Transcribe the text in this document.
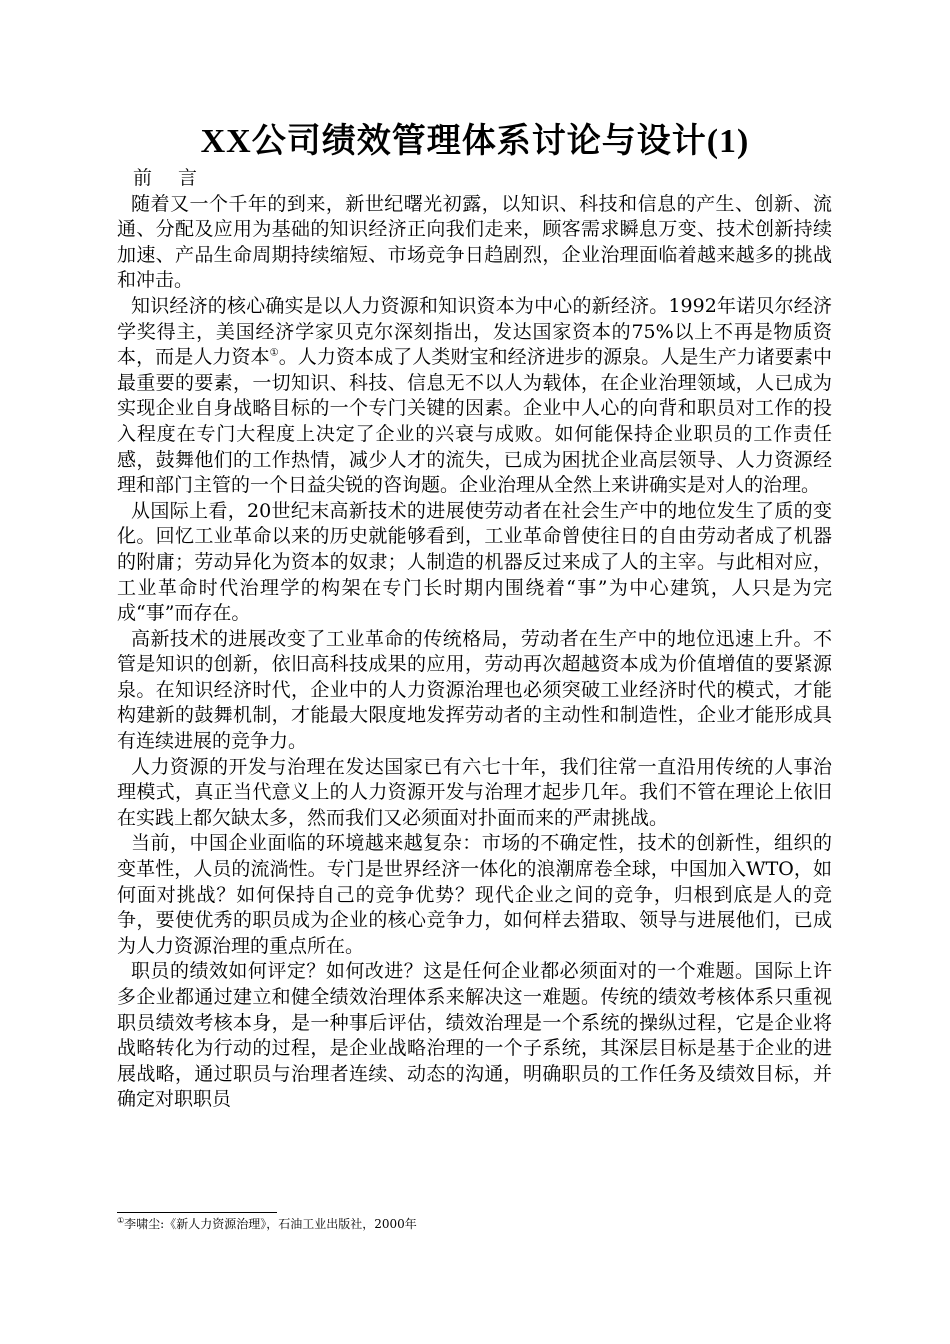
XX公司绩效管理体系讨论与设计(1)

前 言

随着又一个千年的到来，新世纪曙光初露，以知识、科技和信息的产生、创新、流通、分配及应用为基础的知识经济正向我们走来，顾客需求瞬息万变、技术创新持续加速、产品生命周期持续缩短、市场竞争日趋剧烈，企业治理面临着越来越多的挑战和冲击。

知识经济的核心确实是以人力资源和知识资本为中心的新经济。1992年诺贝尔经济学奖得主，美国经济学家贝克尔深刻指出，发达国家资本的75%以上不再是物质资本，而是人力资本①。人力资本成了人类财宝和经济进步的源泉。人是生产力诸要素中最重要的要素，一切知识、科技、信息无不以人为载体，在企业治理领域，人已成为实现企业自身战略目标的一个专门关键的因素。企业中人心的向背和职员对工作的投入程度在专门大程度上决定了企业的兴衰与成败。如何能保持企业职员的工作责任感，鼓舞他们的工作热情，减少人才的流失，已成为困扰企业高层领导、人力资源经理和部门主管的一个日益尖锐的咨询题。企业治理从全然上来讲确实是对人的治理。

从国际上看，20世纪末高新技术的进展使劳动者在社会生产中的地位发生了质的变化。回忆工业革命以来的历史就能够看到，工业革命曾使往日的自由劳动者成了机器的附庸；劳动异化为资本的奴隶；人制造的机器反过来成了人的主宰。与此相对应，工业革命时代治理学的构架在专门长时期内围绕着“事”为中心建筑，人只是为完成“事”而存在。

高新技术的进展改变了工业革命的传统格局，劳动者在生产中的地位迅速上升。不管是知识的创新，依旧高科技成果的应用，劳动再次超越资本成为价值增值的要紧源泉。在知识经济时代，企业中的人力资源治理也必须突破工业经济时代的模式，才能构建新的鼓舞机制，才能最大限度地发挥劳动者的主动性和制造性，企业才能形成具有连续进展的竞争力。

人力资源的开发与治理在发达国家已有六七十年，我们往常一直沿用传统的人事治理模式，真正当代意义上的人力资源开发与治理才起步几年。我们不管在理论上依旧在实践上都欠缺太多，然而我们又必须面对扑面而来的严肃挑战。

当前，中国企业面临的环境越来越复杂：市场的不确定性，技术的创新性，组织的变革性，人员的流淌性。专门是世界经济一体化的浪潮席卷全球，中国加入WTO，如何面对挑战？如何保持自己的竞争优势？现代企业之间的竞争，归根到底是人的竞争，要使优秀的职员成为企业的核心竞争力，如何样去猎取、领导与进展他们，已成为人力资源治理的重点所在。

职员的绩效如何评定？如何改进？这是任何企业都必须面对的一个难题。国际上许多企业都通过建立和健全绩效治理体系来解决这一难题。传统的绩效考核体系只重视职员绩效考核本身，是一种事后评估，绩效治理是一个系统的操纵过程，它是企业将战略转化为行动的过程，是企业战略治理的一个子系统，其深层目标是基于企业的进展战略，通过职员与治理者连续、动态的沟通，明确职员的工作任务及绩效目标，并确定对职职员

①李啸尘:《新人力资源治理》，石油工业出版社，2000年
